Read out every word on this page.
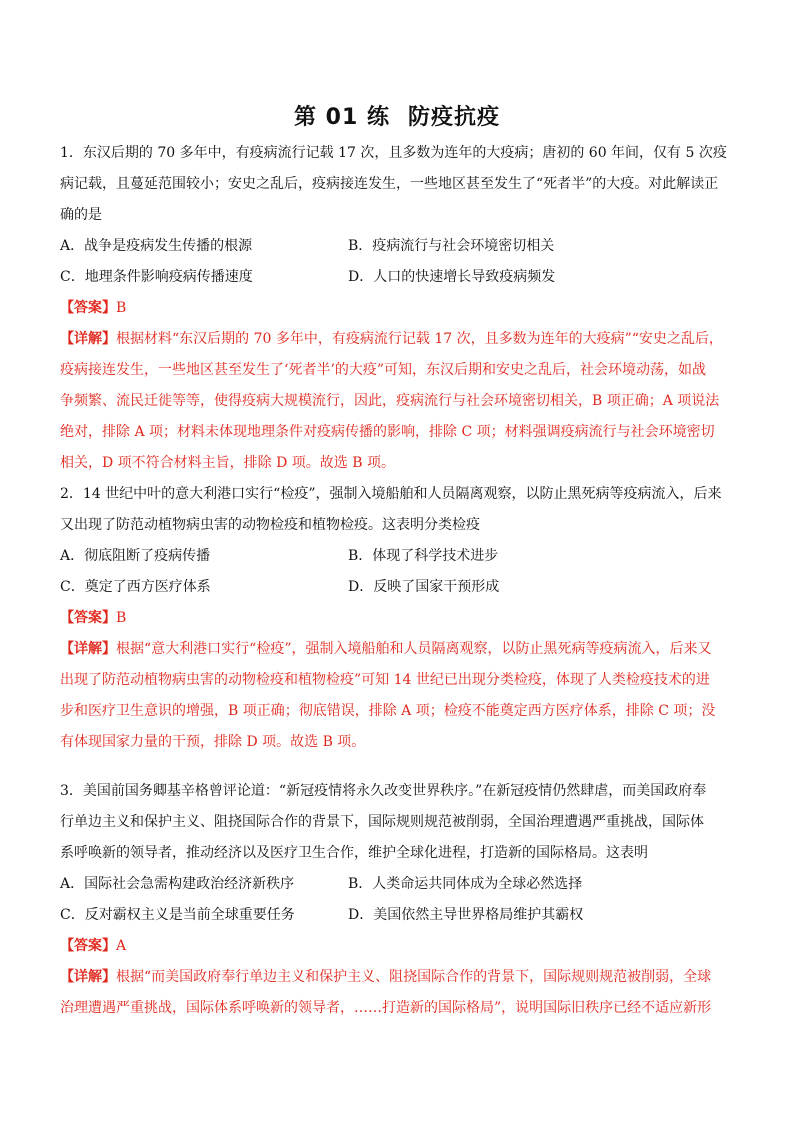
第 01 练 防疫抗疫
1．东汉后期的 70 多年中，有疫病流行记载 17 次，且多数为连年的大疫病；唐初的 60 年间，仅有 5 次疫
病记载，且蔓延范围较小；安史之乱后，疫病接连发生，一些地区甚至发生了“死者半”的大疫。对此解读正
确的是
A．战争是疫病发生传播的根源	B．疫病流行与社会环境密切相关
C．地理条件影响疫病传播速度	D．人口的快速增长导致疫病频发
【答案】B
【详解】根据材料“东汉后期的 70 多年中，有疫病流行记载 17 次，且多数为连年的大疫病”“安史之乱后，
疫病接连发生，一些地区甚至发生了‘死者半’的大疫”可知，东汉后期和安史之乱后，社会环境动荡，如战
争频繁、流民迁徙等等，使得疫病大规模流行，因此，疫病流行与社会环境密切相关，B 项正确；A 项说法
绝对，排除 A 项；材料未体现地理条件对疫病传播的影响，排除 C 项；材料强调疫病流行与社会环境密切
相关，D 项不符合材料主旨，排除 D 项。故选 B 项。
2．14 世纪中叶的意大利港口实行“检疫”，强制入境船舶和人员隔离观察，以防止黑死病等疫病流入，后来
又出现了防范动植物病虫害的动物检疫和植物检疫。这表明分类检疫
A．彻底阻断了疫病传播	B．体现了科学技术进步
C．奠定了西方医疗体系	D．反映了国家干预形成
【答案】B
【详解】根据“意大利港口实行“检疫”，强制入境船舶和人员隔离观察，以防止黑死病等疫病流入，后来又
出现了防范动植物病虫害的动物检疫和植物检疫”可知 14 世纪已出现分类检疫，体现了人类检疫技术的进
步和医疗卫生意识的增强，B 项正确；彻底错误，排除 A 项；检疫不能奠定西方医疗体系，排除 C 项；没
有体现国家力量的干预，排除 D 项。故选 B 项。
3．美国前国务卿基辛格曾评论道：“新冠疫情将永久改变世界秩序。”在新冠疫情仍然肆虐，而美国政府奉
行单边主义和保护主义、阻挠国际合作的背景下，国际规则规范被削弱，全国治理遭遇严重挑战，国际体
系呼唤新的领导者，推动经济以及医疗卫生合作，维护全球化进程，打造新的国际格局。这表明
A．国际社会急需构建政治经济新秩序	B．人类命运共同体成为全球必然选择
C．反对霸权主义是当前全球重要任务	D．美国依然主导世界格局维护其霸权
【答案】A
【详解】根据“而美国政府奉行单边主义和保护主义、阻挠国际合作的背景下，国际规则规范被削弱，全球
治理遭遇严重挑战，国际体系呼唤新的领导者，……打造新的国际格局”，说明国际旧秩序已经不适应新形
